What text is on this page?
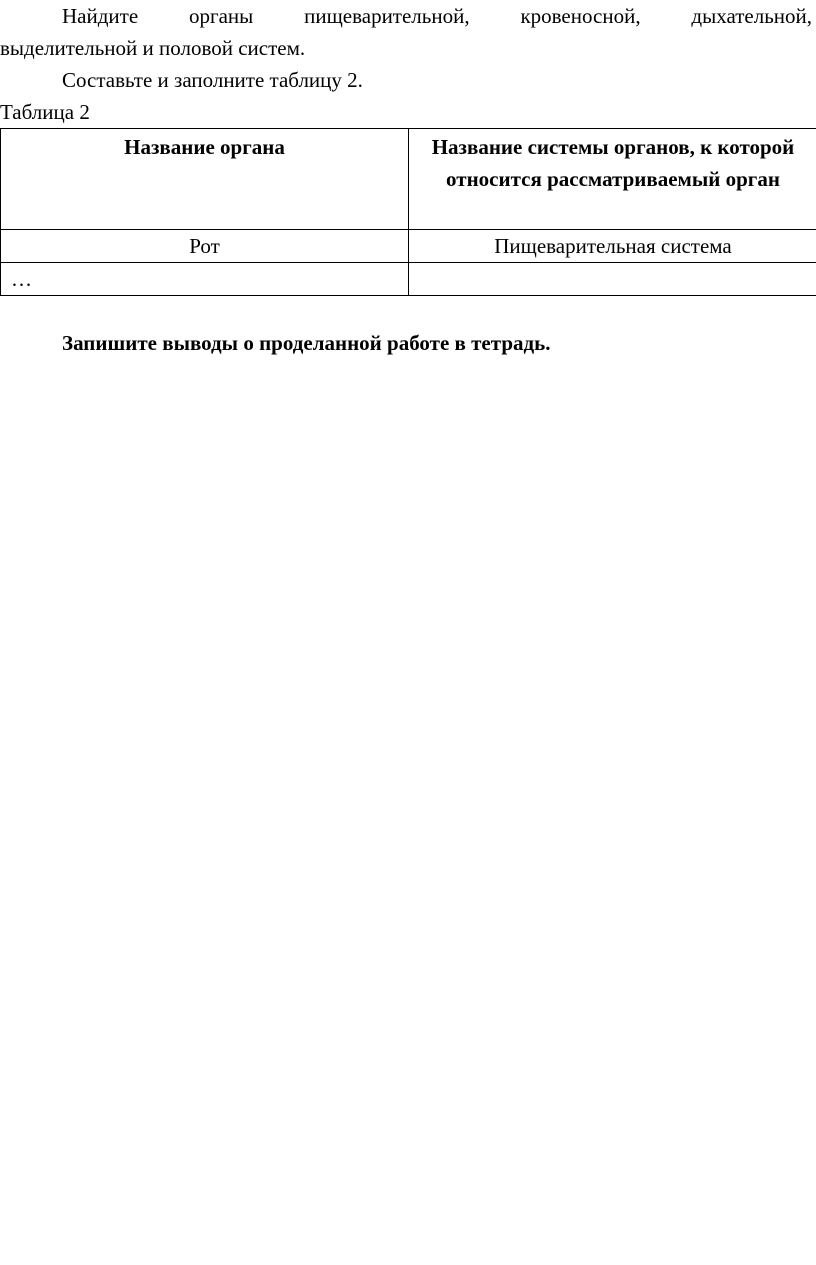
Найдите органы пищеварительной, кровеносной, дыхательной,
выделительной и половой систем.

Составьте и заполните таблицу 2.

Таблица 2

Название органа	Название системы органов, к которой относится рассматриваемый орган
Рот	Пищеварительная система
…	

Запишите выводы о проделанной работе в тетрадь.
